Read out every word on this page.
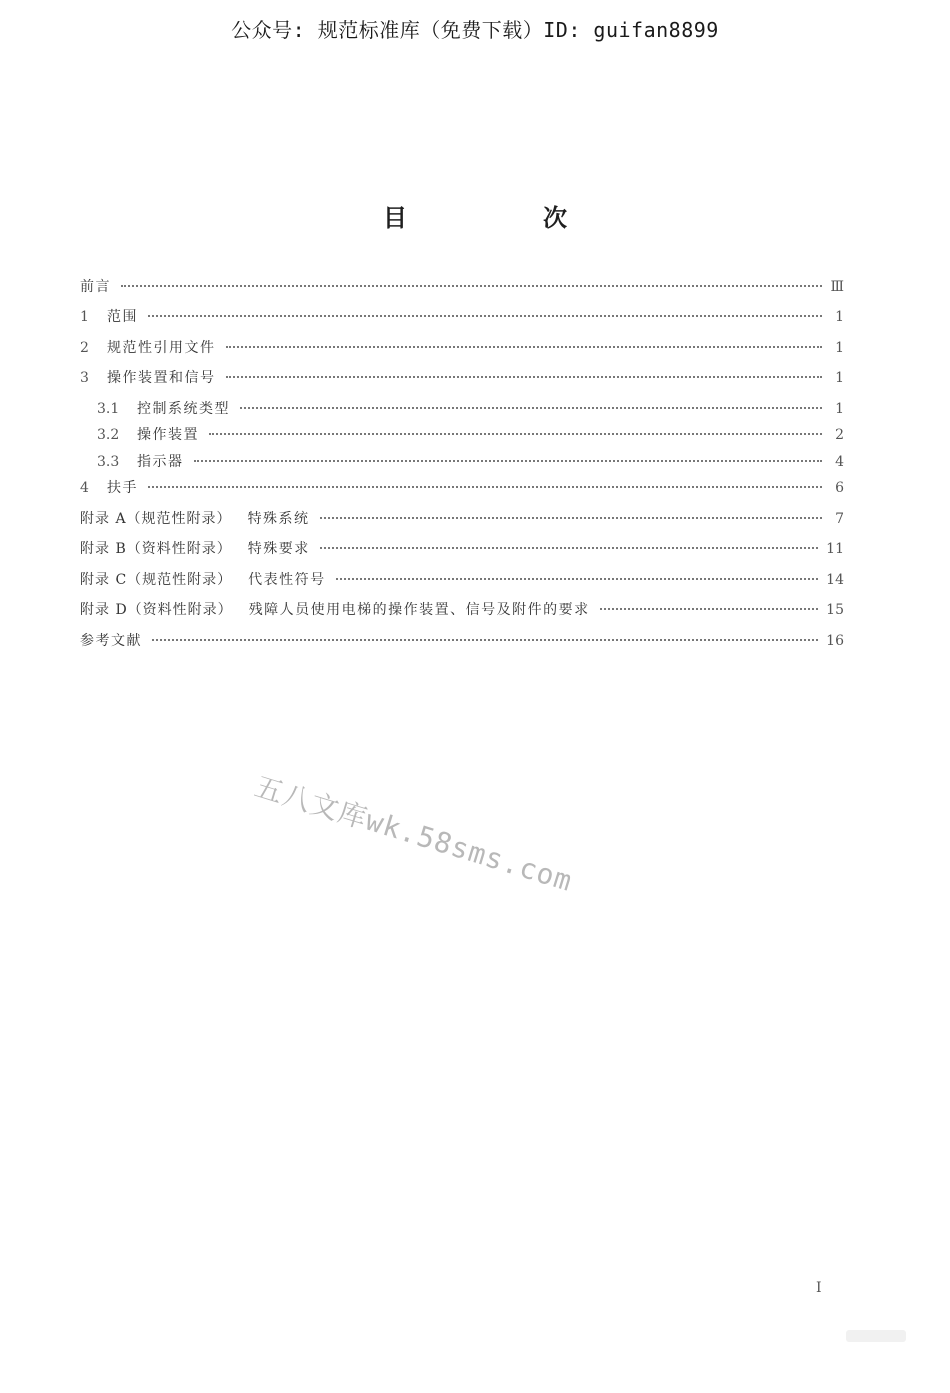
公众号: 规范标准库（免费下载）ID: guifan8899
目　次
前言	Ⅲ
1	范围	1
2	规范性引用文件	1
3	操作装置和信号	1
3.1	控制系统类型	1
3.2	操作装置	2
3.3	指示器	4
4	扶手	6
附录 A（规范性附录） 特殊系统	7
附录 B（资料性附录） 特殊要求	11
附录 C（规范性附录） 代表性符号	14
附录 D（资料性附录） 残障人员使用电梯的操作装置、信号及附件的要求	15
参考文献	16
五八文库wk.58sms.com
I
